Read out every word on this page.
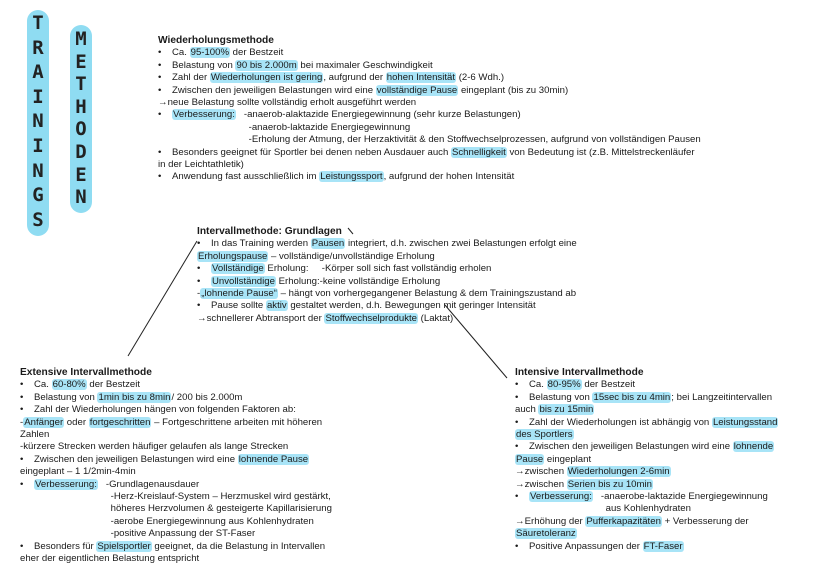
T
R
A
I
N
I
N
G
S
M
E
T
H
O
D
E
N
Wiederholungsmethode
• Ca. 95-100% der Bestzeit
• Belastung von 90 bis 2.000m bei maximaler Geschwindigkeit
• Zahl der Wiederholungen ist gering, aufgrund der hohen Intensität (2-6 Wdh.)
• Zwischen den jeweiligen Belastungen wird eine vollständige Pause eingeplant (bis zu 30min)
→neue Belastung sollte vollständig erholt ausgeführt werden
• Verbesserung:   -anaerob-alaktazide Energiegewinnung (sehr kurze Belastungen)
-anaerob-laktazide Energiegewinnung
-Erholung der Atmung, der Herzaktivität & den Stoffwechselprozessen, aufgrund von vollständigen Pausen
• Besonders geeignet für Sportler bei denen neben Ausdauer auch Schnelligkeit von Bedeutung ist (z.B. Mittelstreckenläufer
in der Leichtathletik)
• Anwendung fast ausschließlich im Leistungssport, aufgrund der hohen Intensität
Intervallmethode: Grundlagen
• In das Training werden Pausen integriert, d.h. zwischen zwei Belastungen erfolgt eine
Erholungspause – vollständige/unvollständige Erholung
• Vollständige Erholung:     -Körper soll sich fast vollständig erholen
• Unvollständige Erholung:-keine vollständige Erholung
-„lohnende Pause“ – hängt von vorhergegangener Belastung & dem Trainingszustand ab
• Pause sollte aktiv gestaltet werden, d.h. Bewegungen mit geringer Intensität
→schnellerer Abtransport der Stoffwechselprodukte (Laktat)
Extensive Intervallmethode
• Ca. 60-80% der Bestzeit
• Belastung von 1min bis zu 8min/ 200 bis 2.000m
• Zahl der Wiederholungen hängen von folgenden Faktoren ab:
-Anfänger oder fortgeschritten – Fortgeschrittene arbeiten mit höheren
Zahlen
-kürzere Strecken werden häufiger gelaufen als lange Strecken
• Zwischen den jeweiligen Belastungen wird eine lohnende Pause
eingeplant – 1 1/2min-4min
• Verbesserung:   -Grundlagenausdauer
-Herz-Kreislauf-System – Herzmuskel wird gestärkt,
höheres Herzvolumen & gesteigerte Kapillarisierung
-aerobe Energiegewinnung aus Kohlenhydraten
-positive Anpassung der ST-Faser
• Besonders für Spielsportler geeignet, da die Belastung in Intervallen
eher der eigentlichen Belastung entspricht
Intensive Intervallmethode
• Ca. 80-95% der Bestzeit
• Belastung von 15sec bis zu 4min; bei Langzeitintervallen
auch bis zu 15min
• Zahl der Wiederholungen ist abhängig von Leistungsstand
des Sportlers
• Zwischen den jeweiligen Belastungen wird eine lohnende
Pause eingeplant
→zwischen Wiederholungen 2-6min
→zwischen Serien bis zu 10min
• Verbesserung:   -anaerobe-laktazide Energiegewinnung
aus Kohlenhydraten
→Erhöhung der Pufferkapazitäten + Verbesserung der
Säuretoleranz
• Positive Anpassungen der FT-Faser
